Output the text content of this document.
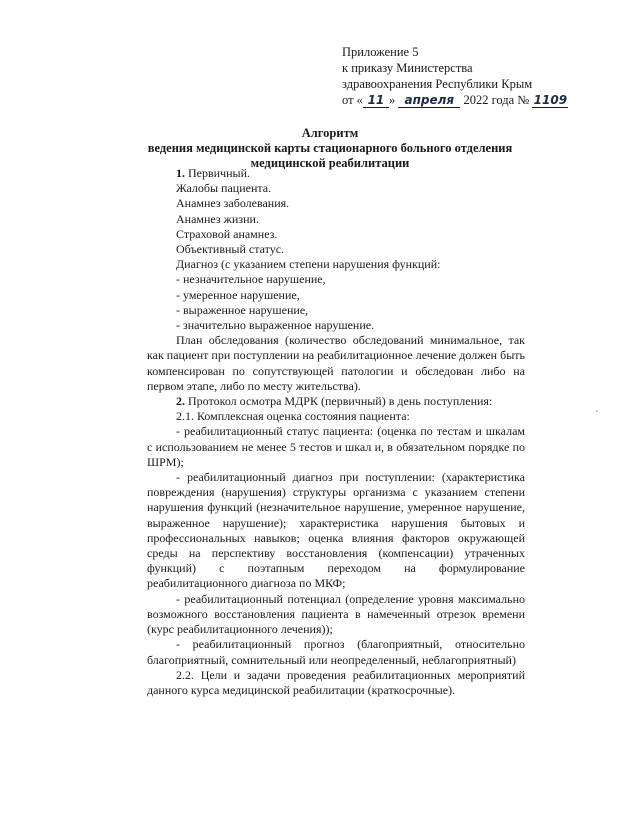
Приложение 5
к приказу Министерства
здравоохранения Республики Крым
от « 11 » апреля 2022 года № 1109
Алгоритм
ведения медицинской карты стационарного больного отделения
медицинской реабилитации

1. Первичный.

Жалобы пациента.

Анамнез заболевания.

Анамнез жизни.

Страховой анамнез.

Объективный статус.

Диагноз (с указанием степени нарушения функций:

- незначительное нарушение,

- умеренное нарушение,

- выраженное нарушение,

- значительно выраженное нарушение.

План обследования (количество обследований минимальное, так как пациент при поступлении на реабилитационное лечение должен быть компенсирован по сопутствующей патологии и обследован либо на первом этапе, либо по месту жительства).

2. Протокол осмотра МДРК (первичный) в день поступления:

2.1. Комплексная оценка состояния пациента:

- реабилитационный статус пациента: (оценка по тестам и шкалам с использованием не менее 5 тестов и шкал и, в обязательном порядке по ШРМ);

- реабилитационный диагноз при поступлении: (характеристика повреждения (нарушения) структуры организма с указанием степени нарушения функций (незначительное нарушение, умеренное нарушение, выраженное нарушение); характеристика нарушения бытовых и профессиональных навыков; оценка влияния факторов окружающей среды на перспективу восстановления (компенсации) утраченных функций) с поэтапным переходом на формулирование реабилитационного диагноза по МКФ;

- реабилитационный потенциал (определение уровня максимально возможного восстановления пациента в намеченный отрезок времени (курс реабилитационного лечения));

- реабилитационный прогноз (благоприятный, относительно благоприятный, сомнительный или неопределенный, неблагоприятный)

2.2. Цели и задачи проведения реабилитационных мероприятий данного курса медицинской реабилитации (краткосрочные).
